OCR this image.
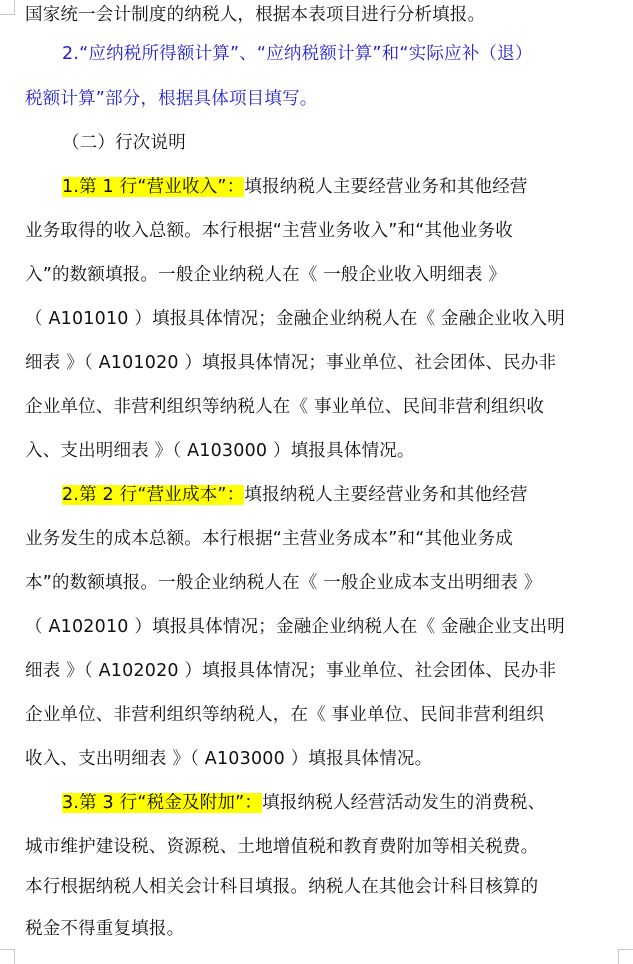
国家统一会计制度的纳税人，根据本表项目进行分析填报。
2.“应纳税所得额计算”、“应纳税额计算”和“实际应补（退）
税额计算”部分，根据具体项目填写。
（二）行次说明
1.第 1 行“营业收入”：填报纳税人主要经营业务和其他经营
业务取得的收入总额。本行根据“主营业务收入”和“其他业务收
入”的数额填报。一般企业纳税人在《 一般企业收入明细表 》
（ A101010 ）填报具体情况；金融企业纳税人在《 金融企业收入明
细表 》（ A101020 ）填报具体情况；事业单位、社会团体、民办非
企业单位、非营利组织等纳税人在《 事业单位、民间非营利组织收
入、支出明细表 》（ A103000 ）填报具体情况。
2.第 2 行“营业成本”：填报纳税人主要经营业务和其他经营
业务发生的成本总额。本行根据“主营业务成本”和“其他业务成
本”的数额填报。一般企业纳税人在《 一般企业成本支出明细表 》
（ A102010 ）填报具体情况；金融企业纳税人在《 金融企业支出明
细表 》（ A102020 ）填报具体情况；事业单位、社会团体、民办非
企业单位、非营利组织等纳税人，在《 事业单位、民间非营利组织
收入、支出明细表 》（ A103000 ）填报具体情况。
3.第 3 行“税金及附加”：填报纳税人经营活动发生的消费税、
城市维护建设税、资源税、土地增值税和教育费附加等相关税费。
本行根据纳税人相关会计科目填报。纳税人在其他会计科目核算的
税金不得重复填报。
